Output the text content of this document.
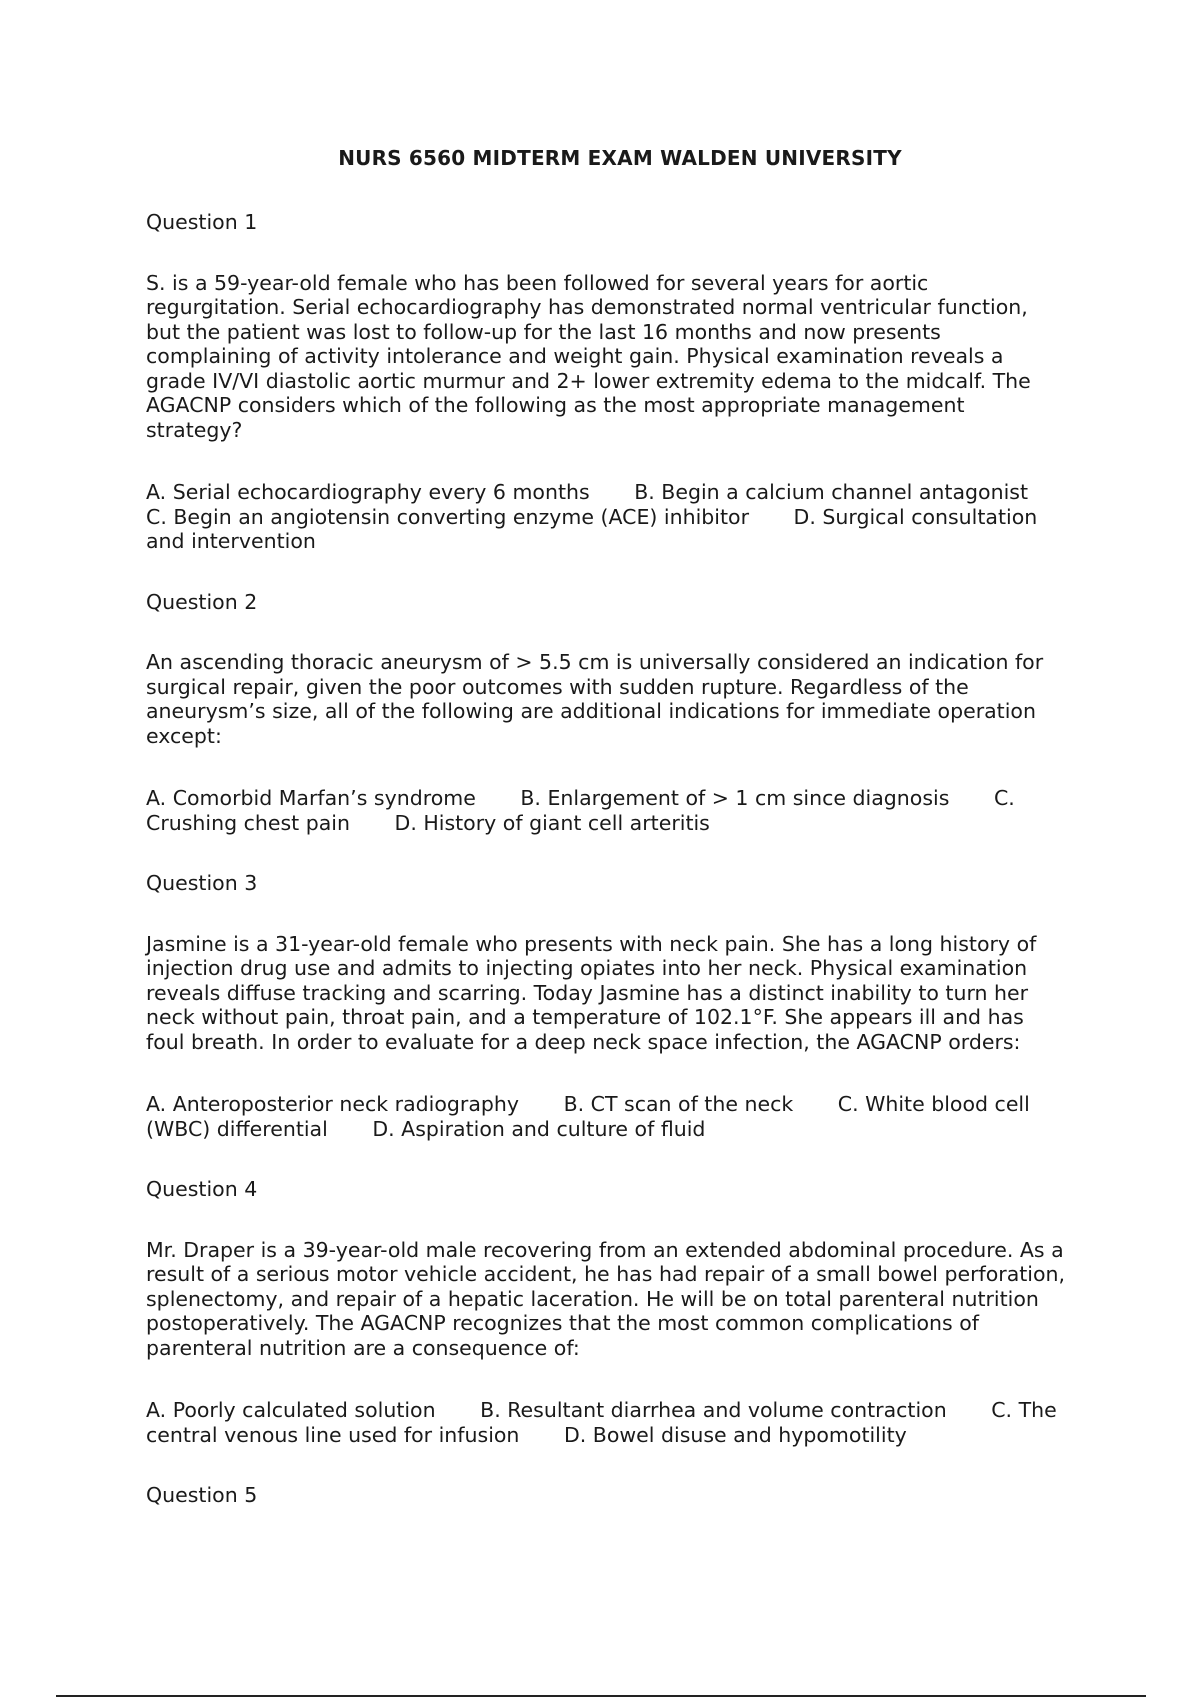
NURS 6560 MIDTERM EXAM WALDEN UNIVERSITY
Question 1
S. is a 59-year-old female who has been followed for several years for aortic regurgitation. Serial echocardiography has demonstrated normal ventricular function, but the patient was lost to follow-up for the last 16 months and now presents complaining of activity intolerance and weight gain. Physical examination reveals a grade IV/VI diastolic aortic murmur and 2+ lower extremity edema to the midcalf. The AGACNP considers which of the following as the most appropriate management strategy?
A. Serial echocardiography every 6 months B. Begin a calcium channel antagonist C. Begin an angiotensin converting enzyme (ACE) inhibitor D. Surgical consultation and intervention
Question 2
An ascending thoracic aneurysm of > 5.5 cm is universally considered an indication for surgical repair, given the poor outcomes with sudden rupture. Regardless of the aneurysm’s size, all of the following are additional indications for immediate operation except:
A. Comorbid Marfan’s syndrome B. Enlargement of > 1 cm since diagnosis C. Crushing chest pain D. History of giant cell arteritis
Question 3
Jasmine is a 31-year-old female who presents with neck pain. She has a long history of injection drug use and admits to injecting opiates into her neck. Physical examination reveals diffuse tracking and scarring. Today Jasmine has a distinct inability to turn her neck without pain, throat pain, and a temperature of 102.1°F. She appears ill and has foul breath. In order to evaluate for a deep neck space infection, the AGACNP orders:
A. Anteroposterior neck radiography B. CT scan of the neck C. White blood cell (WBC) differential D. Aspiration and culture of fluid
Question 4
Mr. Draper is a 39-year-old male recovering from an extended abdominal procedure. As a result of a serious motor vehicle accident, he has had repair of a small bowel perforation, splenectomy, and repair of a hepatic laceration. He will be on total parenteral nutrition postoperatively. The AGACNP recognizes that the most common complications of parenteral nutrition are a consequence of:
A. Poorly calculated solution B. Resultant diarrhea and volume contraction C. The central venous line used for infusion D. Bowel disuse and hypomotility
Question 5
